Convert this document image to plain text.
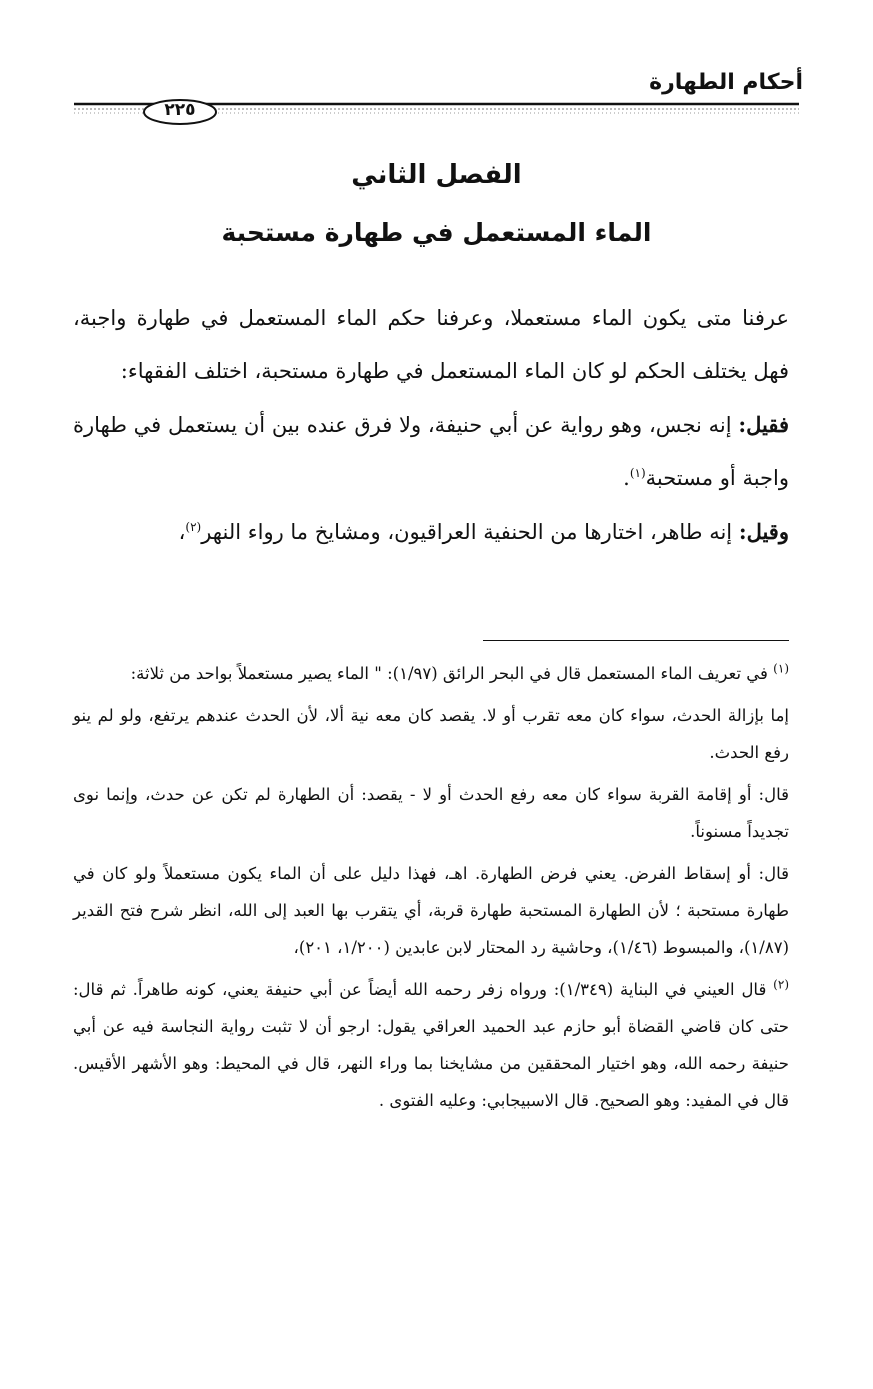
أحكام الطهارة
٢٢٥
الفصل الثاني
الماء المستعمل في طهارة مستحبة

عرفنا متى يكون الماء مستعملا، وعرفنا حكم الماء المستعمل في طهارة واجبة، فهل يختلف الحكم لو كان الماء المستعمل في طهارة مستحبة، اختلف الفقهاء:

فقيل: إنه نجس، وهو رواية عن أبي حنيفة، ولا فرق عنده بين أن يستعمل في طهارة واجبة أو مستحبة$^{(١)}$.

وقيل: إنه طاهر، اختارها من الحنفية العراقيون، ومشايخ ما رواء النهر$^{(٢)}$،

$^{(١)}$ في تعريف الماء المستعمل قال في البحر الرائق (١/٩٧): " الماء يصير مستعملاً بواحد من ثلاثة:

إما بإزالة الحدث، سواء كان معه تقرب أو لا. يقصد كان معه نية ألا، لأن الحدث عندهم يرتفع، ولو لم ينو رفع الحدث.

قال: أو إقامة القربة سواء كان معه رفع الحدث أو لا - يقصد: أن الطهارة لم تكن عن حدث، وإنما نوى تجديداً مسنوناً.

قال: أو إسقاط الفرض. يعني فرض الطهارة. اهـ، فهذا دليل على أن الماء يكون مستعملاً ولو كان في طهارة مستحبة ؛ لأن الطهارة المستحبة طهارة قربة، أي يتقرب بها العبد إلى الله، انظر شرح فتح القدير (١/٨٧)، والمبسوط (١/٤٦)، وحاشية رد المحتار لابن عابدين (١/٢٠٠، ٢٠١)،

$^{(٢)}$ قال العيني في البناية (١/٣٤٩): ورواه زفر رحمه الله أيضاً عن أبي حنيفة يعني، كونه طاهراً. ثم قال: حتى كان قاضي القضاة أبو حازم عبد الحميد العراقي يقول: ارجو أن لا تثبت رواية النجاسة فيه عن أبي حنيفة رحمه الله، وهو اختيار المحققين من مشايخنا بما وراء النهر، قال في المحيط: وهو الأشهر الأقيس. قال في المفيد: وهو الصحيح. قال الاسبيجابي: وعليه الفتوى .
